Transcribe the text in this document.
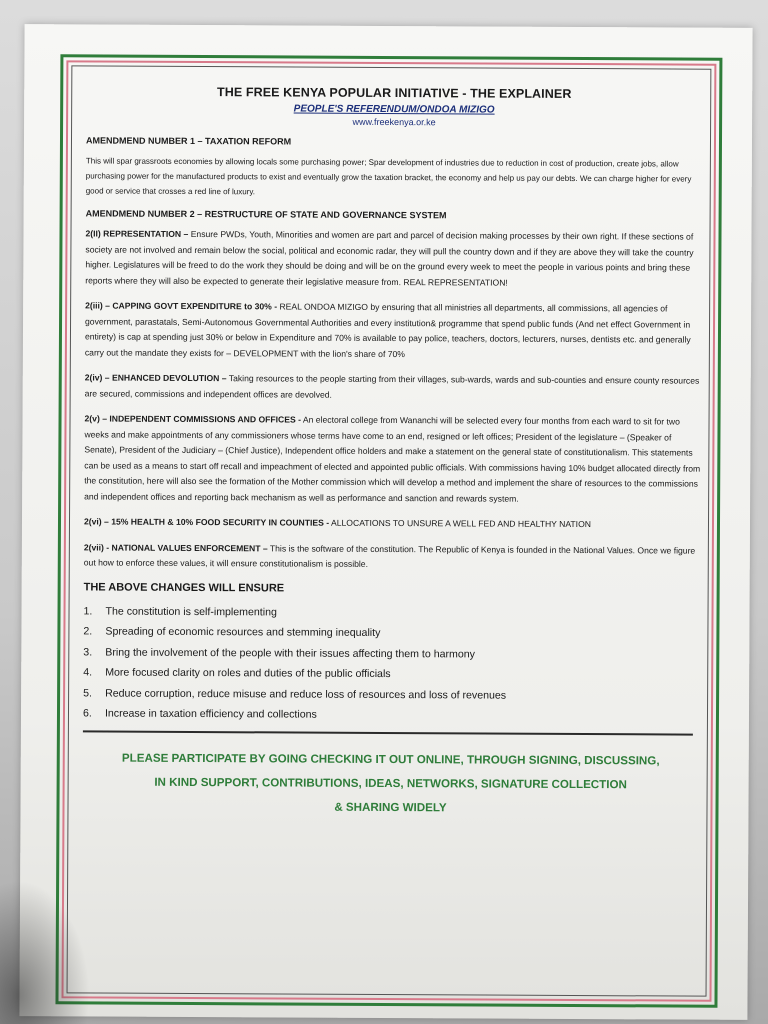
THE FREE KENYA POPULAR INITIATIVE - THE EXPLAINER
PEOPLE'S REFERENDUM/ONDOA MIZIGO
www.freekenya.or.ke
AMENDMEND NUMBER 1 – TAXATION REFORM
This will spar grassroots economies by allowing locals some purchasing power; Spar development of industries due to reduction in cost of production, create jobs, allow purchasing power for the manufactured products to exist and eventually grow the taxation bracket, the economy and help us pay our debts. We can charge higher for every good or service that crosses a red line of luxury.
AMENDMEND NUMBER 2 – RESTRUCTURE OF STATE AND GOVERNANCE SYSTEM
2(II) REPRESENTATION – Ensure PWDs, Youth, Minorities and women are part and parcel of decision making processes by their own right. If these sections of society are not involved and remain below the social, political and economic radar, they will pull the country down and if they are above they will take the country higher. Legislatures will be freed to do the work they should be doing and will be on the ground every week to meet the people in various points and bring these reports where they will also be expected to generate their legislative measure from. REAL REPRESENTATION!
2(iii) – CAPPING GOVT EXPENDITURE to 30% - REAL ONDOA MIZIGO by ensuring that all ministries all departments, all commissions, all agencies of government, parastatals, Semi-Autonomous Governmental Authorities and every institution& programme that spend public funds (And net effect Government in entirety) is cap at spending just 30% or below in Expenditure and 70% is available to pay police, teachers, doctors, lecturers, nurses, dentists etc. and generally carry out the mandate they exists for – DEVELOPMENT with the lion's share of 70%
2(iv) – ENHANCED DEVOLUTION – Taking resources to the people starting from their villages, sub-wards, wards and sub-counties and ensure county resources are secured, commissions and independent offices are devolved.
2(v) – INDEPENDENT COMMISSIONS AND OFFICES - An electoral college from Wananchi will be selected every four months from each ward to sit for two weeks and make appointments of any commissioners whose terms have come to an end, resigned or left offices; President of the legislature – (Speaker of Senate), President of the Judiciary – (Chief Justice), Independent office holders and make a statement on the general state of constitutionalism. This statements can be used as a means to start off recall and impeachment of elected and appointed public officials. With commissions having 10% budget allocated directly from the constitution, here will also see the formation of the Mother commission which will develop a method and implement the share of resources to the commissions and independent offices and reporting back mechanism as well as performance and sanction and rewards system.
2(vi) – 15% HEALTH & 10% FOOD SECURITY IN COUNTIES - ALLOCATIONS TO UNSURE A WELL FED AND HEALTHY NATION
2(vii) - NATIONAL VALUES ENFORCEMENT – This is the software of the constitution. The Republic of Kenya is founded in the National Values. Once we figure out how to enforce these values, it will ensure constitutionalism is possible.
THE ABOVE CHANGES WILL ENSURE
1.	The constitution is self-implementing
2.	Spreading of economic resources and stemming inequality
3.	Bring the involvement of the people with their issues affecting them to harmony
4.	More focused clarity on roles and duties of the public officials
5.	Reduce corruption, reduce misuse and reduce loss of resources and loss of revenues
6.	Increase in taxation efficiency and collections
PLEASE PARTICIPATE BY GOING CHECKING IT OUT ONLINE, THROUGH SIGNING, DISCUSSING,
IN KIND SUPPORT, CONTRIBUTIONS, IDEAS, NETWORKS, SIGNATURE COLLECTION
& SHARING WIDELY
